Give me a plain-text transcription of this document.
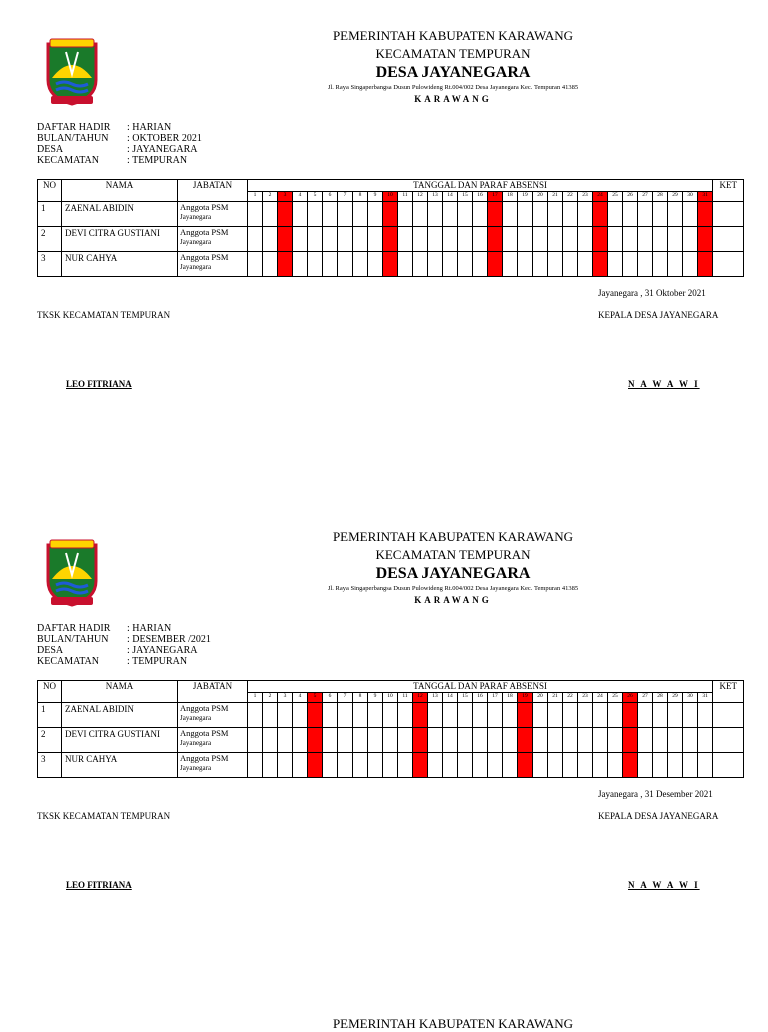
PEMERINTAH KABUPATEN KARAWANG
KECAMATAN TEMPURAN
DESA JAYANEGARA
Jl. Raya Singaperbangsa Dusun Pulowideng Rt.004/002 Desa Jayanegara Kec. Tempuran 41385
KARAWANG
DAFTAR HADIR	: HARIAN
BULAN/TAHUN	: OKTOBER 2021
DESA	: JAYANEGARA
KECAMATAN	: TEMPURAN
NO	NAMA	JABATAN	TANGGAL DAN PARAF ABSENSI																															KET
			1	2	3	4	5	6	7	8	9	10	11	12	13	14	15	16	17	18	19	20	21	22	23	24	25	26	27	28	29	30	31	
1	ZAENAL ABIDIN	Anggota PSM
Jayanegara																																

2	DEVI CITRA GUSTIANI	Anggota PSM
Jayanegara																																

3	NUR CAHYA	Anggota PSM
Jayanegara																																

Jayanegara , 31 Oktober 2021
TKSK KECAMATAN TEMPURAN	KEPALA DESA JAYANEGARA
LEO FITRIANA	N A W A W I
PEMERINTAH KABUPATEN KARAWANG
KECAMATAN TEMPURAN
DESA JAYANEGARA
Jl. Raya Singaperbangsa Dusun Pulowideng Rt.004/002 Desa Jayanegara Kec. Tempuran 41385
KARAWANG
DAFTAR HADIR	: HARIAN
BULAN/TAHUN	: DESEMBER /2021
DESA	: JAYANEGARA
KECAMATAN	: TEMPURAN
NO	NAMA	JABATAN	TANGGAL DAN PARAF ABSENSI																															KET
			1	2	3	4	5	6	7	8	9	10	11	12	13	14	15	16	17	18	19	20	21	22	23	24	25	26	27	28	29	30	31	
1	ZAENAL ABIDIN	Anggota PSM
Jayanegara																																

2	DEVI CITRA GUSTIANI	Anggota PSM
Jayanegara																																

3	NUR CAHYA	Anggota PSM
Jayanegara																																

Jayanegara , 31 Desember 2021
TKSK KECAMATAN TEMPURAN	KEPALA DESA JAYANEGARA
LEO FITRIANA	N A W A W I
PEMERINTAH KABUPATEN KARAWANG
